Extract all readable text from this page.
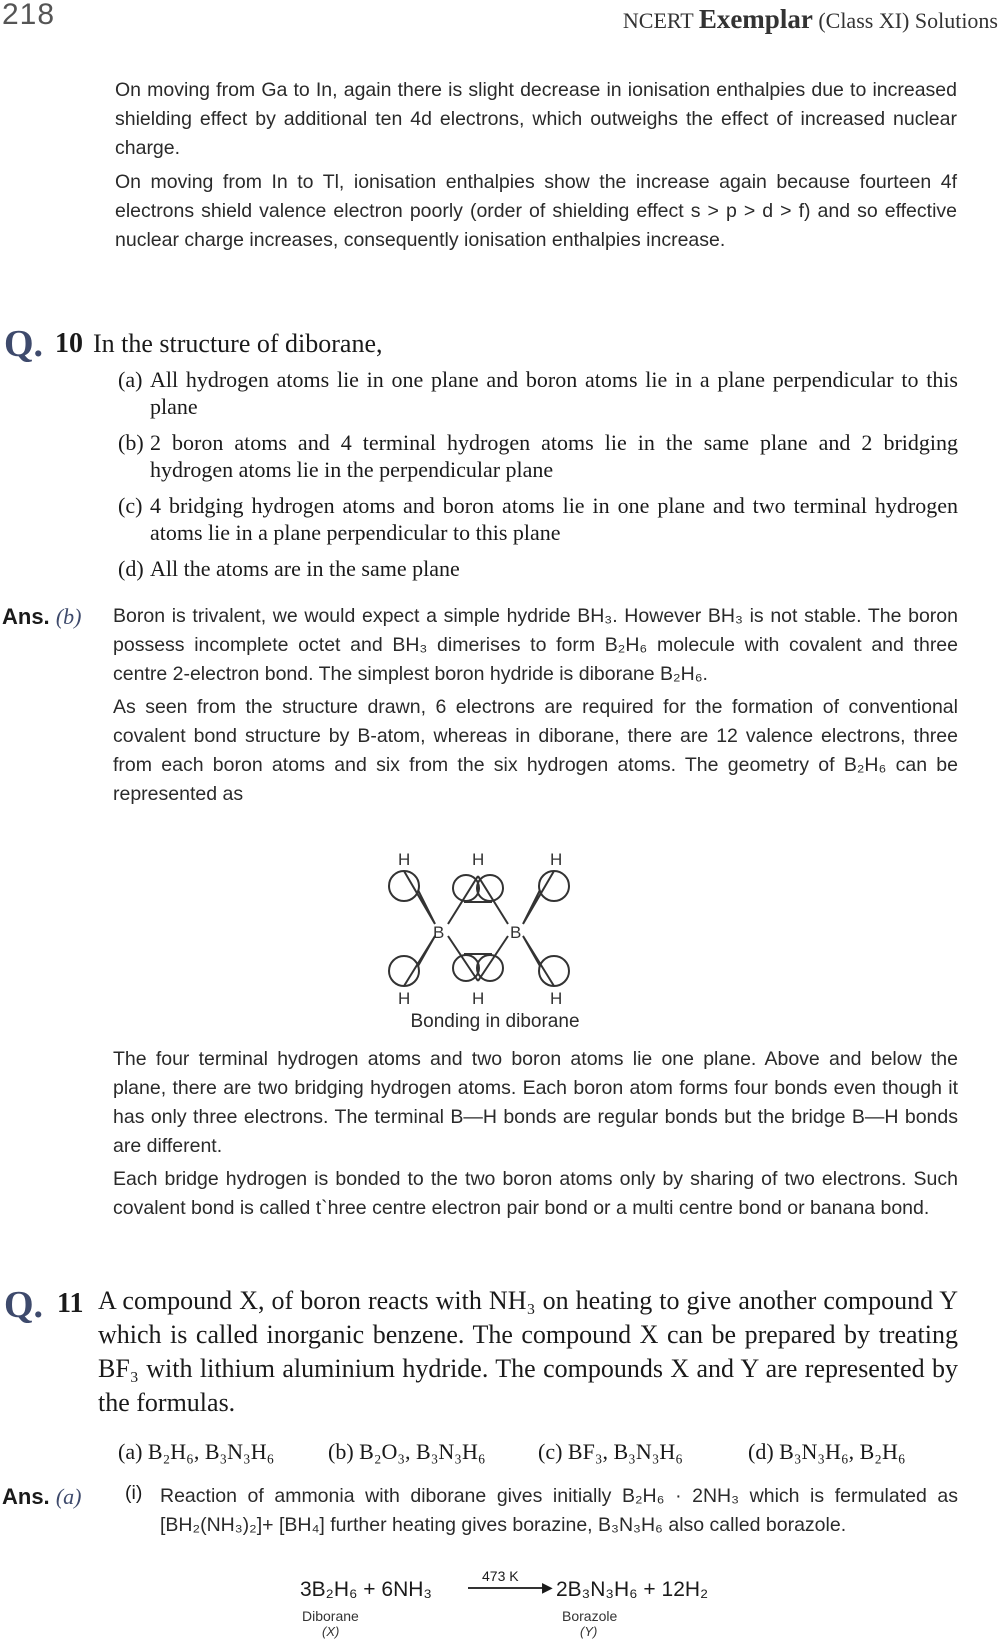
218	NCERT Exemplar (Class XI) Solutions

On moving from Ga to In, again there is slight decrease in ionisation enthalpies due to increased shielding effect by additional ten 4d electrons, which outweighs the effect of increased nuclear charge.

On moving from In to Tl, ionisation enthalpies show the increase again because fourteen 4f electrons shield valence electron poorly (order of shielding effect s > p > d > f) and so effective nuclear charge increases, consequently ionisation enthalpies increase.

Q. 10 In the structure of diborane,
(a) All hydrogen atoms lie in one plane and boron atoms lie in a plane perpendicular to this plane
(b) 2 boron atoms and 4 terminal hydrogen atoms lie in the same plane and 2 bridging hydrogen atoms lie in the perpendicular plane
(c) 4 bridging hydrogen atoms and boron atoms lie in one plane and two terminal hydrogen atoms lie in a plane perpendicular to this plane
(d) All the atoms are in the same plane
Ans. (b) Boron is trivalent, we would expect a simple hydride BH₃. However BH₃ is not stable. The boron possess incomplete octet and BH₃ dimerises to form B₂H₆ molecule with covalent and three centre 2-electron bond. The simplest boron hydride is diborane B₂H₆.

As seen from the structure drawn, 6 electrons are required for the formation of conventional covalent bond structure by B-atom, whereas in diborane, there are 12 valence electrons, three from each boron atoms and six from the six hydrogen atoms. The geometry of B₂H₆ can be represented as

H	H	H
B	B
H	H	H
Bonding in diborane

The four terminal hydrogen atoms and two boron atoms lie one plane. Above and below the plane, there are two bridging hydrogen atoms. Each boron atom forms four bonds even though it has only three electrons. The terminal B—H bonds are regular bonds but the bridge B—H bonds are different.

Each bridge hydrogen is bonded to the two boron atoms only by sharing of two electrons. Such covalent bond is called t`hree centre electron pair bond or a multi centre bond or banana bond.

Q. 11 A compound X, of boron reacts with NH₃ on heating to give another compound Y which is called inorganic benzene. The compound X can be prepared by treating BF₃ with lithium aluminium hydride. The compounds X and Y are represented by the formulas.
(a) B₂H₆, B₃N₃H₆	(b) B₂O₃, B₃N₃H₆	(c) BF₃, B₃N₃H₆	(d) B₃N₃H₆, B₂H₆
Ans. (a) (i) Reaction of ammonia with diborane gives initially B₂H₆ · 2NH₃ which is fermulated as [BH₂(NH₃)₂]+ [BH₄] further heating gives borazine, B₃N₃H₆ also called borazole.

3B₂H₆ + 6NH₃
473 K
▶ 2B₃N₃H₆ + 12H₂
Diborane
(X)
Borazole
(Y)
